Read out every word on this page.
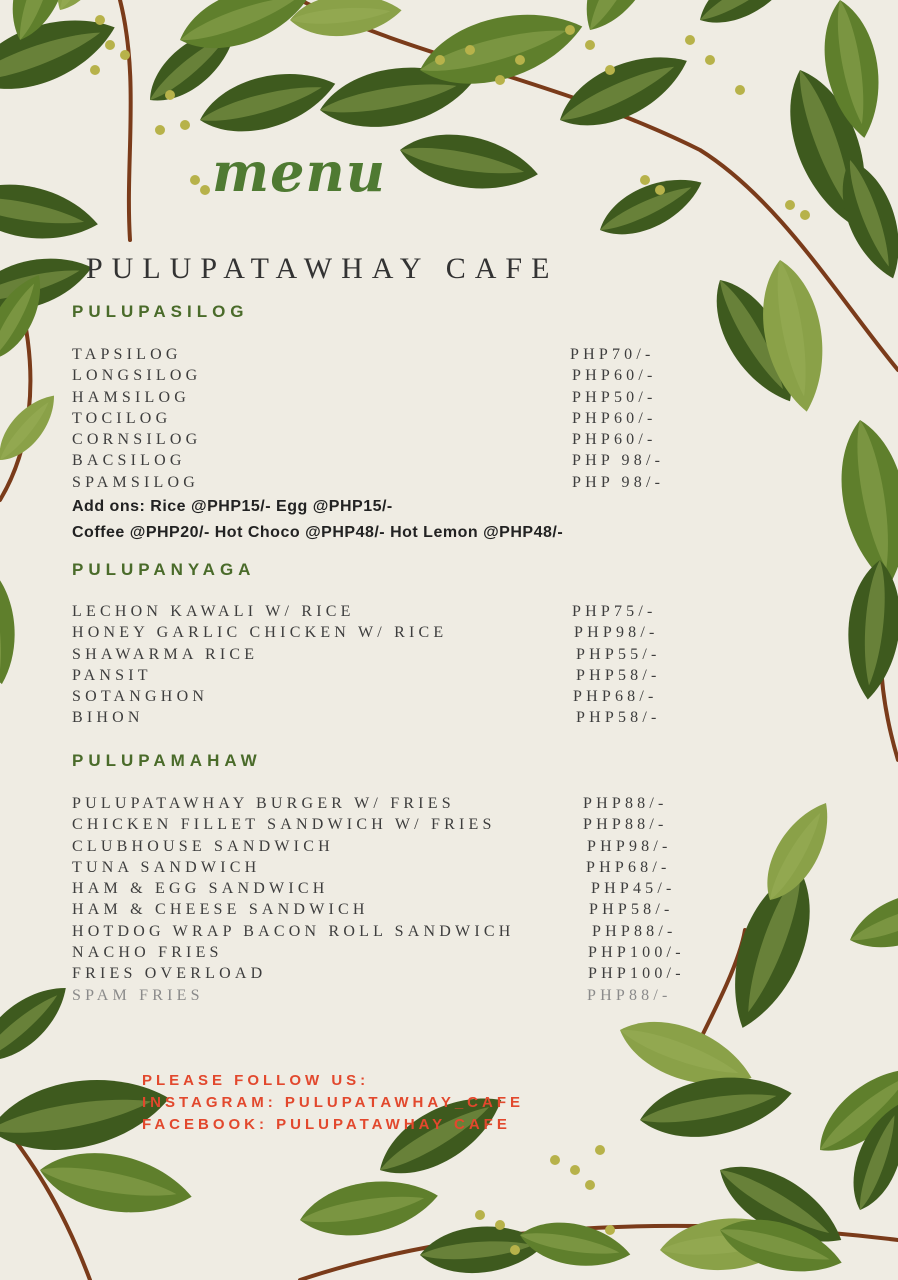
menu
PULUPATAWHAY CAFE
PULUPASILOG
TAPSILOG	PHP70/-
LONGSILOG	PHP60/-
HAMSILOG	PHP50/-
TOCILOG	PHP60/-
CORNSILOG	PHP60/-
BACSILOG	PHP 98/-
SPAMSILOG	PHP 98/-
Add ons: Rice @PHP15/- Egg @PHP15/-
Coffee @PHP20/- Hot Choco @PHP48/- Hot Lemon @PHP48/-
PULUPANYAGA
LECHON KAWALI W/ RICE	PHP75/-
HONEY GARLIC CHICKEN W/ RICE	PHP98/-
SHAWARMA RICE	PHP55/-
PANSIT	PHP58/-
SOTANGHON	PHP68/-
BIHON	PHP58/-
PULUPAMAHAW
PULUPATAWHAY BURGER W/ FRIES	PHP88/-
CHICKEN FILLET SANDWICH W/ FRIES	PHP88/-
CLUBHOUSE SANDWICH	PHP98/-
TUNA SANDWICH	PHP68/-
HAM & EGG SANDWICH	PHP45/-
HAM & CHEESE SANDWICH	PHP58/-
HOTDOG WRAP BACON ROLL SANDWICH	PHP88/-
NACHO FRIES	PHP100/-
FRIES OVERLOAD	PHP100/-
SPAM FRIES	PHP88/-
PLEASE FOLLOW US:
INSTAGRAM: PULUPATAWHAY_CAFE
FACEBOOK: PULUPATAWHAY CAFE
